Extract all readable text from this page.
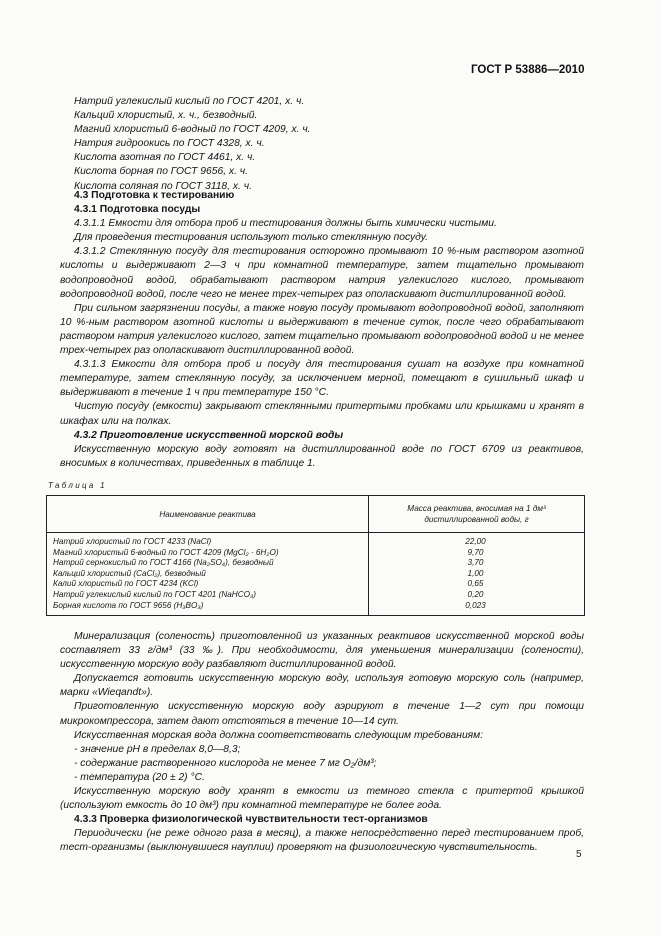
ГОСТ Р 53886—2010

Натрий углекислый кислый по ГОСТ 4201, х. ч.

Кальций хлористый, х. ч., безводный.

Магний хлористый 6-водный по ГОСТ 4209, х. ч.

Натрия гидроокись по ГОСТ 4328, х. ч.

Кислота азотная по ГОСТ 4461, х. ч.

Кислота борная по ГОСТ 9656, х. ч.

Кислота соляная по ГОСТ 3118, х. ч.

4.3 Подготовка к тестированию

4.3.1 Подготовка посуды

4.3.1.1 Емкости для отбора проб и тестирования должны быть химически чистыми.

Для проведения тестирования используют только стеклянную посуду.

4.3.1.2 Стеклянную посуду для тестирования осторожно промывают 10 %-ным раствором азотной кислоты и выдерживают 2—3 ч при комнатной температуре, затем тщательно промывают водопроводной водой, обрабатывают раствором натрия углекислого кислого, промывают водопроводной водой, после чего не менее трех-четырех раз ополаскивают дистиллированной водой.

При сильном загрязнении посуды, а также новую посуду промывают водопроводной водой, заполняют 10 %-ным раствором азотной кислоты и выдерживают в течение суток, после чего обрабатывают раствором натрия углекислого кислого, затем тщательно промывают водопроводной водой и не менее трех-четырех раз ополаскивают дистиллированной водой.

4.3.1.3 Емкости для отбора проб и посуду для тестирования сушат на воздухе при комнатной температуре, затем стеклянную посуду, за исключением мерной, помещают в сушильный шкаф и выдерживают в течение 1 ч при температуре 150 °С.

Чистую посуду (емкости) закрывают стеклянными притертыми пробками или крышками и хранят в шкафах или на полках.

4.3.2 Приготовление искусственной морской воды

Искусственную морскую воду готовят на дистиллированной воде по ГОСТ 6709 из реактивов, вносимых в количествах, приведенных в таблице 1.

Таблица 1
Наименование реактива	Масса реактива, вносимая на 1 дм³
дистиллированной воды, г
Натрий хлористый по ГОСТ 4233 (NaCl)	22,00
Магний хлористый 6-водный по ГОСТ 4209 (MgCl₂ · 6H₂O)	9,70
Натрий сернокислый по ГОСТ 4166 (Na₂SO₄), безводный	3,70
Кальций хлористый (CaCl₂), безводный	1,00
Калий хлористый по ГОСТ 4234 (KCl)	0,65
Натрий углекислый кислый по ГОСТ 4201 (NaHCO₃)	0,20
Борная кислота по ГОСТ 9656 (H₃BO₃)	0,023

Минерализация (соленость) приготовленной из указанных реактивов искусственной морской воды составляет 33 г/дм³ (33 ‰). При необходимости, для уменьшения минерализации (солености), искусственную морскую воду разбавляют дистиллированной водой.

Допускается готовить искусственную морскую воду, используя готовую морскую соль (например, марки «Wieqandt»).

Приготовленную искусственную морскую воду аэрируют в течение 1—2 сут при помощи микрокомпрессора, затем дают отстояться в течение 10—14 сут.

Искусственная морская вода должна соответствовать следующим требованиям:

- значение рН в пределах 8,0—8,3;

- содержание растворенного кислорода не менее 7 мг O₂/дм³;

- температура (20 ± 2) °С.

Искусственную морскую воду хранят в емкости из темного стекла с притертой крышкой (используют емкость до 10 дм³) при комнатной температуре не более года.

4.3.3 Проверка физиологической чувствительности тест-организмов

Периодически (не реже одного раза в месяц), а также непосредственно перед тестированием проб, тест-организмы (выклюнувшиеся науплии) проверяют на физиологическую чувствительность.

5
